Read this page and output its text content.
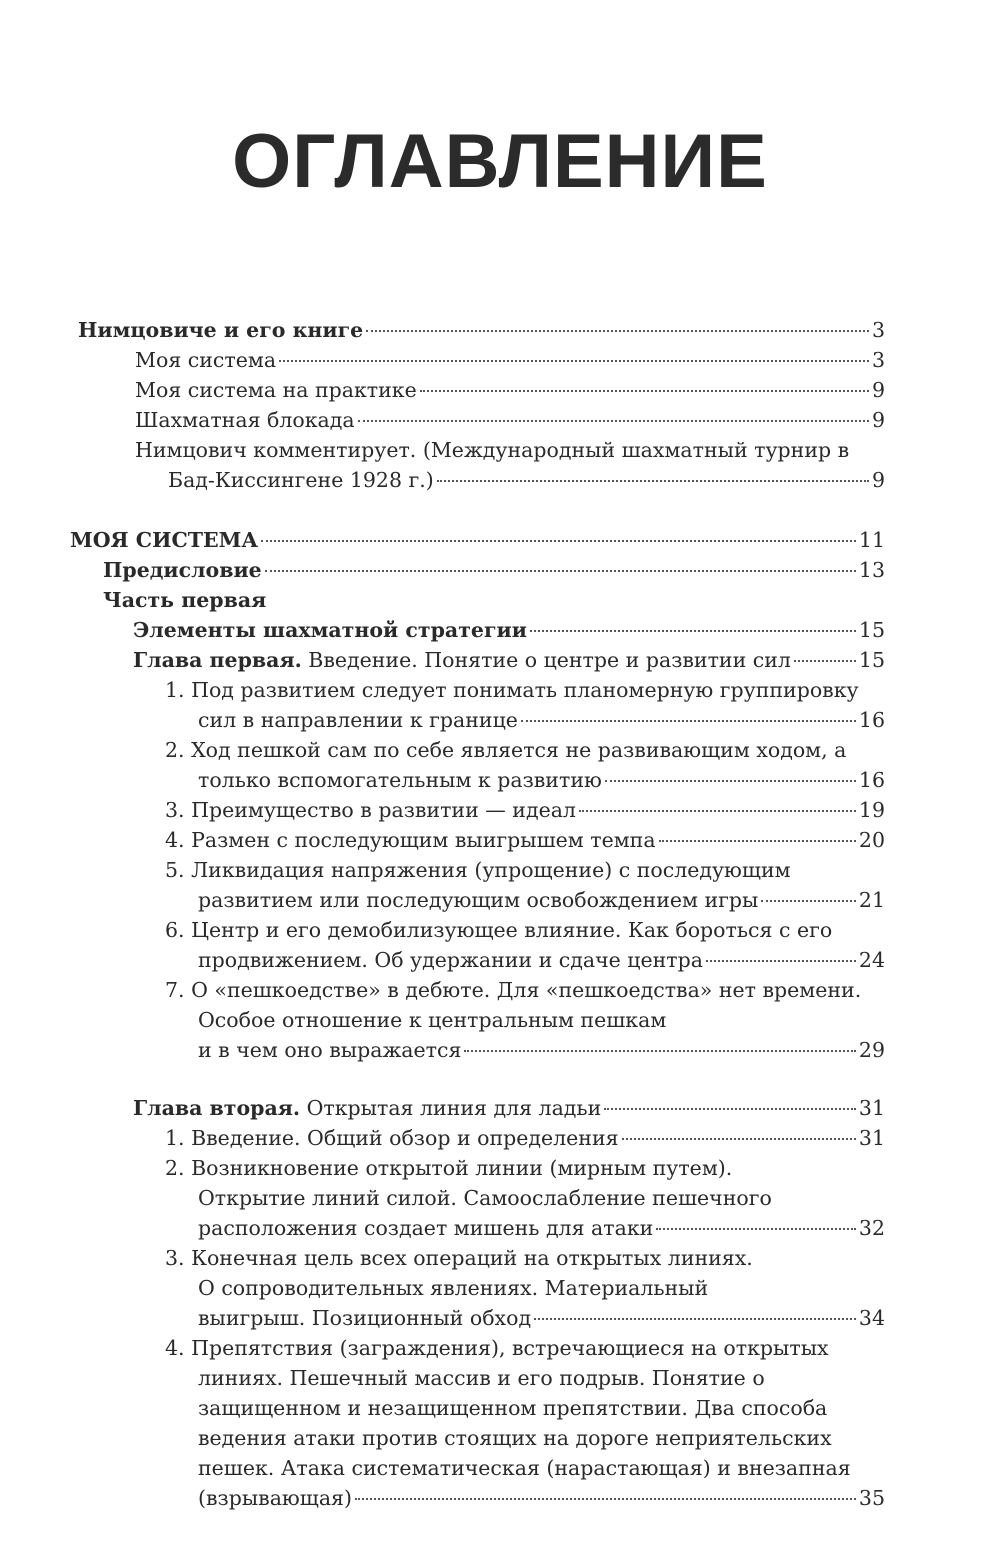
ОГЛАВЛЕНИЕ
Нимцовиче и его книге	3
Моя система	3
Моя система на практике	9
Шахматная блокада	9
Нимцович комментирует. (Международный шахматный турнир в
Бад-Киссингене 1928 г.)	9
МОЯ СИСТЕМА	11
Предисловие	13
Часть первая
Элементы шахматной стратегии	15
Глава первая. Введение. Понятие о центре и развитии сил	15
1. Под развитием следует понимать планомерную группировку
сил в направлении к границе	16
2. Ход пешкой сам по себе является не развивающим ходом, а
только вспомогательным к развитию	16
3. Преимущество в развитии — идеал	19
4. Размен с последующим выигрышем темпа	20
5. Ликвидация напряжения (упрощение) с последующим
развитием или последующим освобождением игры	21
6. Центр и его демобилизующее влияние. Как бороться с его
продвижением. Об удержании и сдаче центра	24
7. О «пешкоедстве» в дебюте. Для «пешкоедства» нет времени.
Особое отношение к центральным пешкам
и в чем оно выражается	29
Глава вторая. Открытая линия для ладьи	31
1. Введение. Общий обзор и определения	31
2. Возникновение открытой линии (мирным путем).
Открытие линий силой. Самоослабление пешечного
расположения создает мишень для атаки	32
3. Конечная цель всех операций на открытых линиях.
О сопроводительных явлениях. Материальный
выигрыш. Позиционный обход	34
4. Препятствия (заграждения), встречающиеся на открытых
линиях. Пешечный массив и его подрыв. Понятие о
защищенном и незащищенном препятствии. Два способа
ведения атаки против стоящих на дороге неприятельских
пешек. Атака систематическая (нарастающая) и внезапная
(взрывающая)	35
